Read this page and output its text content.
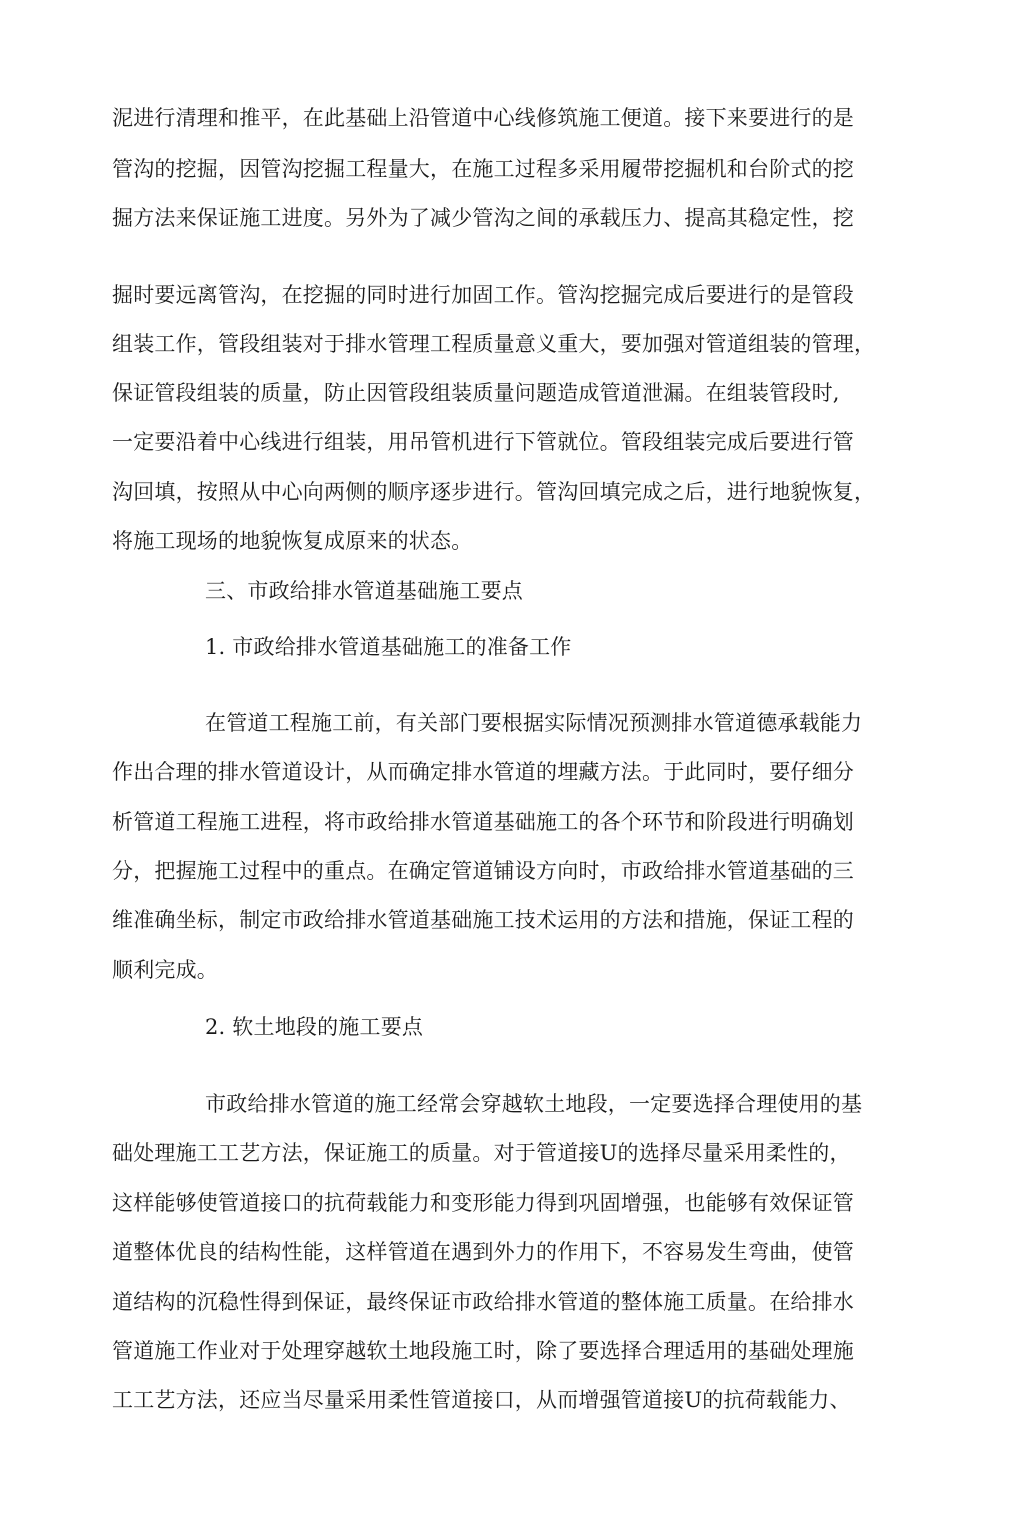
泥进行清理和推平，在此基础上沿管道中心线修筑施工便道。接下来要进行的是
管沟的挖掘，因管沟挖掘工程量大，在施工过程多采用履带挖掘机和台阶式的挖
掘方法来保证施工进度。另外为了减少管沟之间的承载压力、提高其稳定性，挖
掘时要远离管沟，在挖掘的同时进行加固工作。管沟挖掘完成后要进行的是管段
组装工作，管段组装对于排水管理工程质量意义重大，要加强对管道组装的管理，
保证管段组装的质量，防止因管段组装质量问题造成管道泄漏。在组装管段时,
一定要沿着中心线进行组装，用吊管机进行下管就位。管段组装完成后要进行管
沟回填，按照从中心向两侧的顺序逐步进行。管沟回填完成之后，进行地貌恢复，
将施工现场的地貌恢复成原来的状态。
三、市政给排水管道基础施工要点
1. 市政给排水管道基础施工的准备工作
在管道工程施工前，有关部门要根据实际情况预测排水管道德承载能力
作出合理的排水管道设计，从而确定排水管道的埋藏方法。于此同时，要仔细分
析管道工程施工进程，将市政给排水管道基础施工的各个环节和阶段进行明确划
分，把握施工过程中的重点。在确定管道铺设方向时，市政给排水管道基础的三
维准确坐标，制定市政给排水管道基础施工技术运用的方法和措施，保证工程的
顺利完成。
2. 软土地段的施工要点
市政给排水管道的施工经常会穿越软土地段，一定要选择合理使用的基
础处理施工工艺方法，保证施工的质量。对于管道接U的选择尽量采用柔性的，
这样能够使管道接口的抗荷载能力和变形能力得到巩固增强，也能够有效保证管
道整体优良的结构性能，这样管道在遇到外力的作用下，不容易发生弯曲，使管
道结构的沉稳性得到保证，最终保证市政给排水管道的整体施工质量。在给排水
管道施工作业对于处理穿越软土地段施工时，除了要选择合理适用的基础处理施
工工艺方法，还应当尽量采用柔性管道接口，从而增强管道接U的抗荷载能力、
